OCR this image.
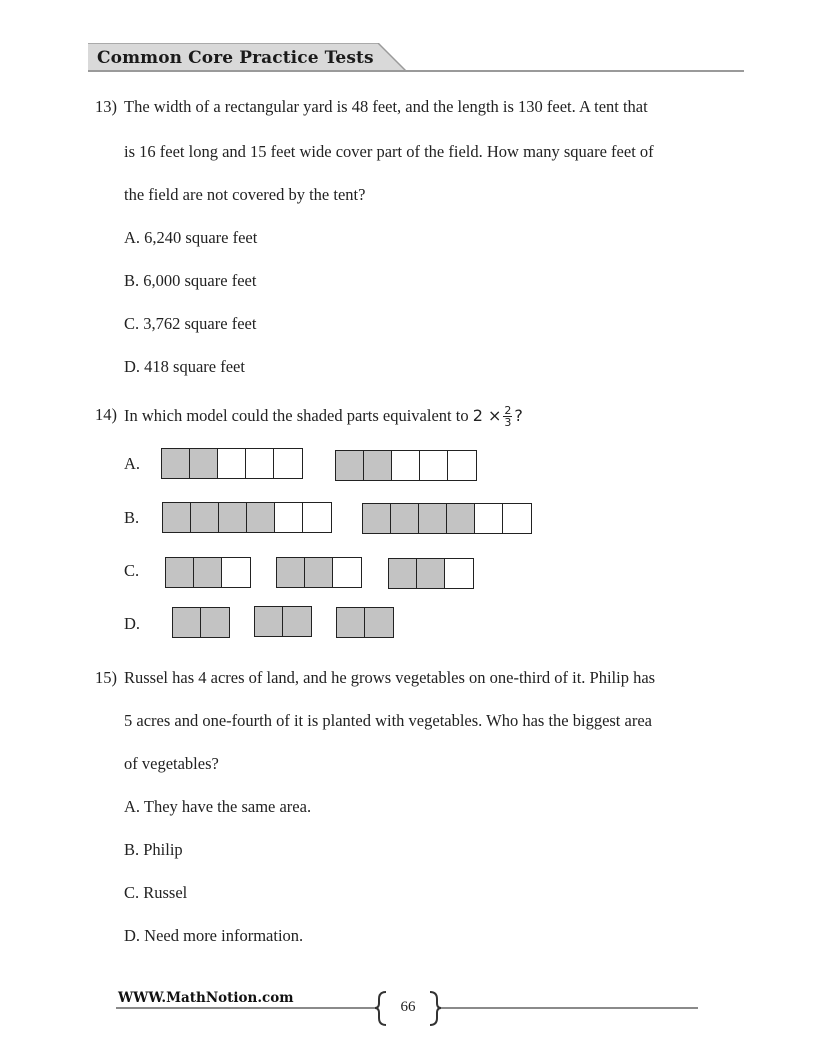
Common Core Practice Tests
13) The width of a rectangular yard is 48 feet, and the length is 130 feet. A tent that
is 16 feet long and 15 feet wide cover part of the field. How many square feet of
the field are not covered by the tent?
A. 6,240 square feet
B. 6,000 square feet
C. 3,762 square feet
D. 418 square feet
14) In which model could the shaded parts equivalent to $2 \times \frac{2}{3}$ ?
A.
B.
C.
D.
15) Russel has 4 acres of land, and he grows vegetables on one-third of it. Philip has
5 acres and one-fourth of it is planted with vegetables. Who has the biggest area
of vegetables?
A. They have the same area.
B. Philip
C. Russel
D. Need more information.
WWW.MathNotion.com
66
